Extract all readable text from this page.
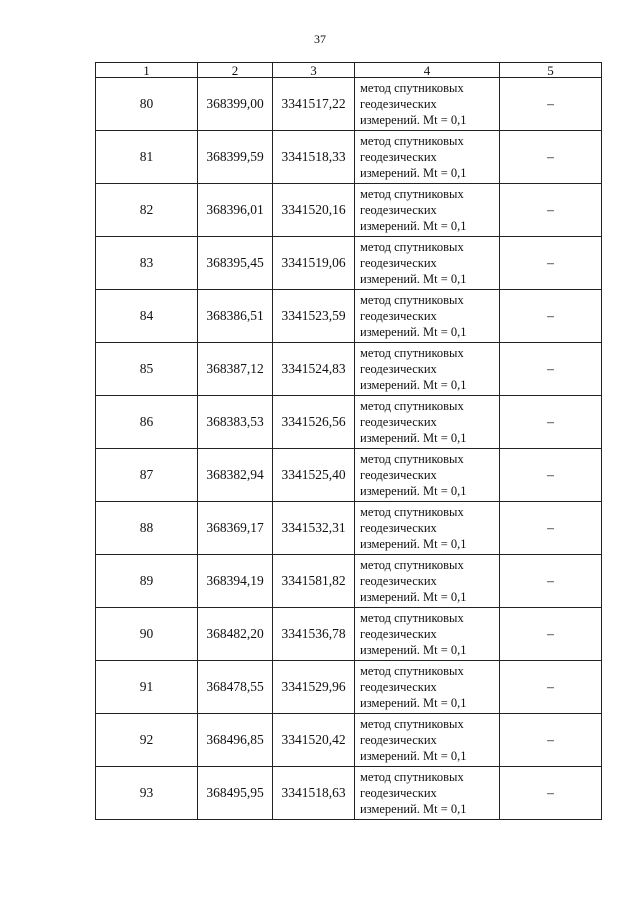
37
1	2	3	4	5
80	368399,00	3341517,22	метод спутниковых
геодезических
измерений. Mt = 0,1	–
81	368399,59	3341518,33	метод спутниковых
геодезических
измерений. Mt = 0,1	–
82	368396,01	3341520,16	метод спутниковых
геодезических
измерений. Mt = 0,1	–
83	368395,45	3341519,06	метод спутниковых
геодезических
измерений. Mt = 0,1	–
84	368386,51	3341523,59	метод спутниковых
геодезических
измерений. Mt = 0,1	–
85	368387,12	3341524,83	метод спутниковых
геодезических
измерений. Mt = 0,1	–
86	368383,53	3341526,56	метод спутниковых
геодезических
измерений. Mt = 0,1	–
87	368382,94	3341525,40	метод спутниковых
геодезических
измерений. Mt = 0,1	–
88	368369,17	3341532,31	метод спутниковых
геодезических
измерений. Mt = 0,1	–
89	368394,19	3341581,82	метод спутниковых
геодезических
измерений. Mt = 0,1	–
90	368482,20	3341536,78	метод спутниковых
геодезических
измерений. Mt = 0,1	–
91	368478,55	3341529,96	метод спутниковых
геодезических
измерений. Mt = 0,1	–
92	368496,85	3341520,42	метод спутниковых
геодезических
измерений. Mt = 0,1	–
93	368495,95	3341518,63	метод спутниковых
геодезических
измерений. Mt = 0,1	–
